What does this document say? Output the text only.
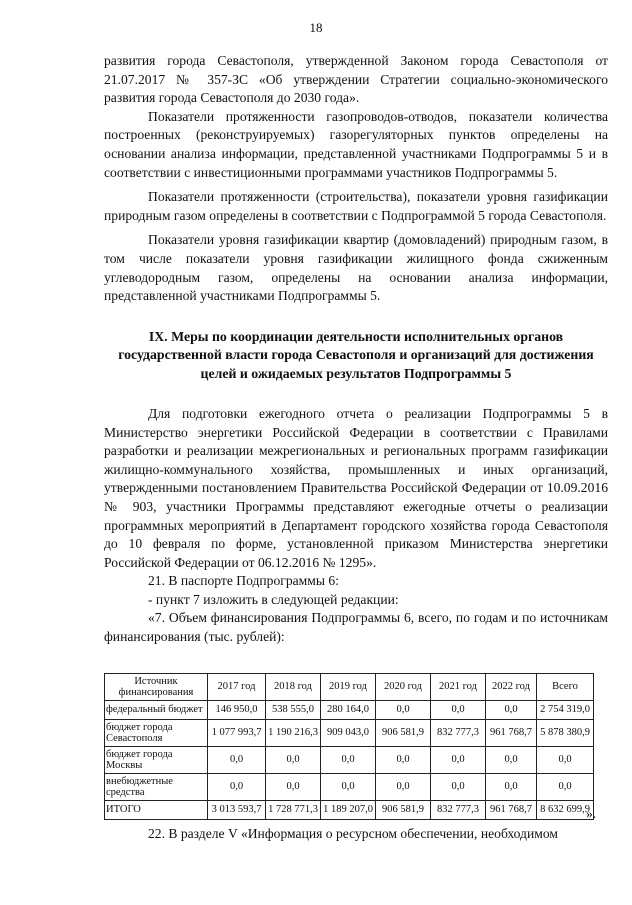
18

развития города Севастополя, утвержденной Законом города Севастополя от 21.07.2017 № 357-ЗС «Об утверждении Стратегии социально-экономического развития города Севастополя до 2030 года».

Показатели протяженности газопроводов-отводов, показатели количества построенных (реконструируемых) газорегуляторных пунктов определены на основании анализа информации, представленной участниками Подпрограммы 5 и в соответствии с инвестиционными программами участников Подпрограммы 5.

Показатели протяженности (строительства), показатели уровня газификации природным газом определены в соответствии с Подпрограммой 5 города Севастополя.

Показатели уровня газификации квартир (домовладений) природным газом, в том числе показатели уровня газификации жилищного фонда сжиженным углеводородным газом, определены на основании анализа информации, представленной участниками Подпрограммы 5.

IX. Меры по координации деятельности исполнительных органов государственной власти города Севастополя и организаций для достижения целей и ожидаемых результатов Подпрограммы 5

Для подготовки ежегодного отчета о реализации Подпрограммы 5 в Министерство энергетики Российской Федерации в соответствии с Правилами разработки и реализации межрегиональных и региональных программ газификации жилищно-коммунального хозяйства, промышленных и иных организаций, утвержденными постановлением Правительства Российской Федерации от 10.09.2016 № 903, участники Программы представляют ежегодные отчеты о реализации программных мероприятий в Департамент городского хозяйства города Севастополя до 10 февраля по форме, установленной приказом Министерства энергетики Российской Федерации от 06.12.2016 № 1295».

21. В паспорте Подпрограммы 6:

- пункт 7 изложить в следующей редакции:

«7. Объем финансирования Подпрограммы 6, всего, по годам и по источникам финансирования (тыс. рублей):

Источник финансирования	2017 год	2018 год	2019 год	2020 год	2021 год	2022 год	Всего
федеральный бюджет	146 950,0	538 555,0	280 164,0	0,0	0,0	0,0	2 754 319,0
бюджет города Севастополя	1 077 993,7	1 190 216,3	909 043,0	906 581,9	832 777,3	961 768,7	5 878 380,9
бюджет города Москвы	0,0	0,0	0,0	0,0	0,0	0,0	0,0
внебюджетные средства	0,0	0,0	0,0	0,0	0,0	0,0	0,0
ИТОГО	3 013 593,7	1 728 771,3	1 189 207,0	906 581,9	832 777,3	961 768,7	8 632 699,9
».
22. В разделе V «Информация о ресурсном обеспечении, необходимом
